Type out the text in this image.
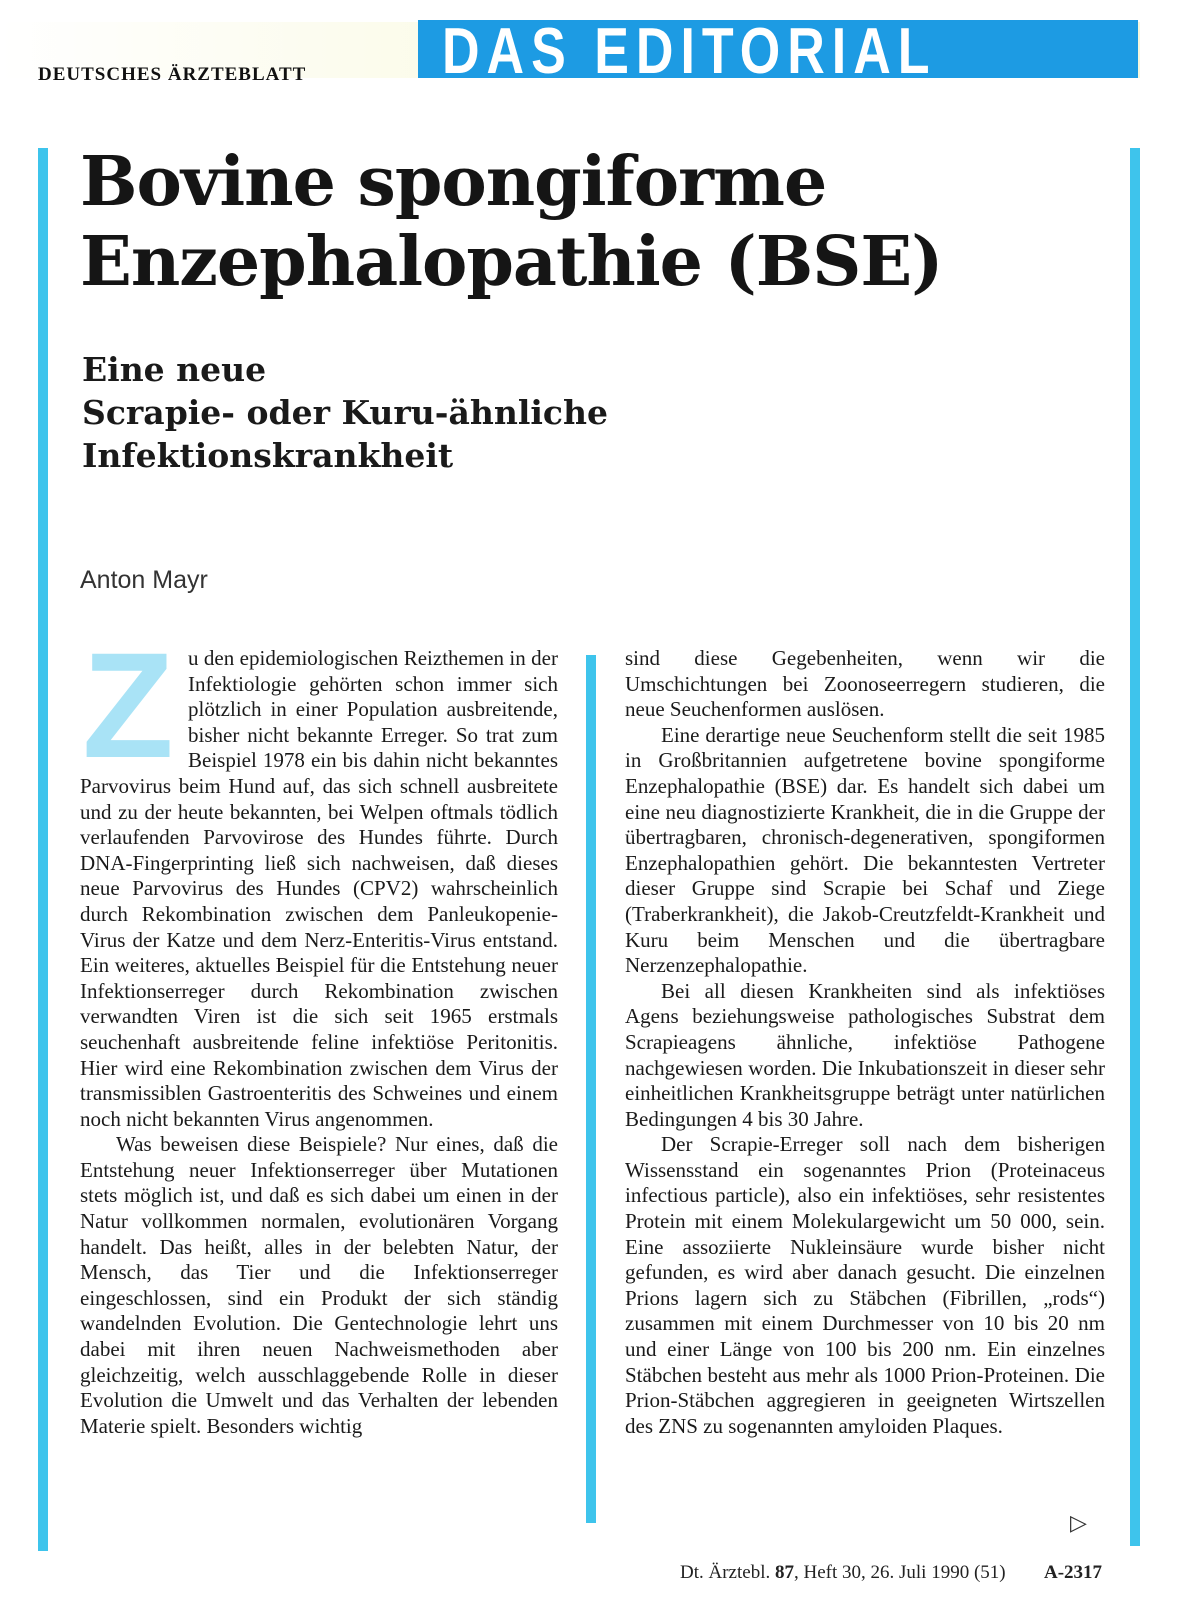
DEUTSCHES ÄRZTEBLATT	DAS EDITORIAL
Bovine spongiforme Enzephalopathie (BSE)
Eine neue
Scrapie- oder Kuru-ähnliche
Infektionskrankheit
Anton Mayr

Zu den epidemiologischen Reizthemen in der Infektiologie gehörten schon immer sich plötzlich in einer Population ausbreitende, bisher nicht bekannte Erreger. So trat zum Beispiel 1978 ein bis dahin nicht bekanntes Parvovirus beim Hund auf, das sich schnell ausbreitete und zu der heute bekannten, bei Welpen oftmals tödlich verlaufenden Parvovirose des Hundes führte. Durch DNA-Fingerprinting ließ sich nachweisen, daß dieses neue Parvovirus des Hundes (CPV2) wahrscheinlich durch Rekombination zwischen dem Panleukopenie-Virus der Katze und dem Nerz-Enteritis-Virus entstand. Ein weiteres, aktuelles Beispiel für die Entstehung neuer Infektionserreger durch Rekombination zwischen verwandten Viren ist die sich seit 1965 erstmals seuchenhaft ausbreitende feline infektiöse Peritonitis. Hier wird eine Rekombination zwischen dem Virus der transmissiblen Gastroenteritis des Schweines und einem noch nicht bekannten Virus angenommen.

Was beweisen diese Beispiele? Nur eines, daß die Entstehung neuer Infektionserreger über Mutationen stets möglich ist, und daß es sich dabei um einen in der Natur vollkommen normalen, evolutionären Vorgang handelt. Das heißt, alles in der belebten Natur, der Mensch, das Tier und die Infektionserreger eingeschlossen, sind ein Produkt der sich ständig wandelnden Evolution. Die Gentechnologie lehrt uns dabei mit ihren neuen Nachweismethoden aber gleichzeitig, welch ausschlaggebende Rolle in dieser Evolution die Umwelt und das Verhalten der lebenden Materie spielt. Besonders wichtig

sind diese Gegebenheiten, wenn wir die Umschichtungen bei Zoonoseerregern studieren, die neue Seuchenformen auslösen.

Eine derartige neue Seuchenform stellt die seit 1985 in Großbritannien aufgetretene bovine spongiforme Enzephalopathie (BSE) dar. Es handelt sich dabei um eine neu diagnostizierte Krankheit, die in die Gruppe der übertragbaren, chronisch-degenerativen, spongiformen Enzephalopathien gehört. Die bekanntesten Vertreter dieser Gruppe sind Scrapie bei Schaf und Ziege (Traberkrankheit), die Jakob-Creutzfeldt-Krankheit und Kuru beim Menschen und die übertragbare Nerzenzephalopathie.

Bei all diesen Krankheiten sind als infektiöses Agens beziehungsweise pathologisches Substrat dem Scrapieagens ähnliche, infektiöse Pathogene nachgewiesen worden. Die Inkubationszeit in dieser sehr einheitlichen Krankheitsgruppe beträgt unter natürlichen Bedingungen 4 bis 30 Jahre.

Der Scrapie-Erreger soll nach dem bisherigen Wissensstand ein sogenanntes Prion (Proteinaceus infectious particle), also ein infektiöses, sehr resistentes Protein mit einem Molekulargewicht um 50 000, sein. Eine assoziierte Nukleinsäure wurde bisher nicht gefunden, es wird aber danach gesucht. Die einzelnen Prions lagern sich zu Stäbchen (Fibrillen, „rods“) zusammen mit einem Durchmesser von 10 bis 20 nm und einer Länge von 100 bis 200 nm. Ein einzelnes Stäbchen besteht aus mehr als 1000 Prion-Proteinen. Die Prion-Stäbchen aggregieren in geeigneten Wirtszellen des ZNS zu sogenannten amyloiden Plaques.

▷
Dt. Ärztebl. 87, Heft 30, 26. Juli 1990 (51) A-2317
